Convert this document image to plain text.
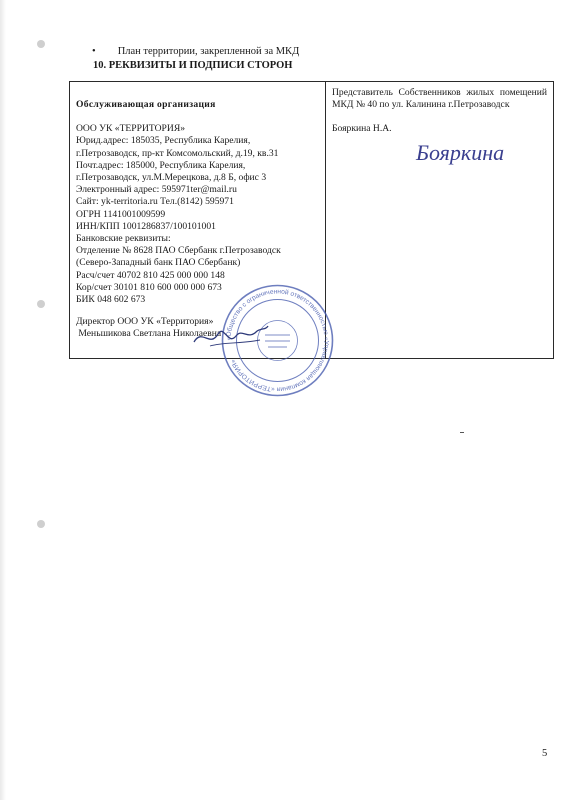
• План территории, закрепленной за МКД
10. РЕКВИЗИТЫ И ПОДПИСИ СТОРОН
Обслуживающая организация
ООО УК «ТЕРРИТОРИЯ»
Юрид.адрес: 185035, Республика Карелия,
г.Петрозаводск, пр-кт Комсомольский, д.19, кв.31
Почт.адрес: 185000, Республика Карелия,
г.Петрозаводск, ул.М.Мерецкова, д.8 Б, офис 3
Электронный адрес: 595971ter@mail.ru
Сайт: yk-territoria.ru Тел.(8142) 595971
ОГРН 1141001009599
ИНН/КПП 1001286837/100101001
Банковские реквизиты:
Отделение № 8628 ПАО Сбербанк г.Петрозаводск
(Северо-Западный банк ПАО Сбербанк)
Расч/счет 40702 810 425 000 000 148
Кор/счет 30101 810 600 000 000 673
БИК 048 602 673
Директор ООО УК «Территория»
Меньшикова Светлана Николаевна
Представитель Собственников жилых помещений МКД № 40 по ул. Калинина г.Петрозаводск
Бояркина Н.А.
«Общество с ограниченной ответственностью «Управляющая компания «ТЕРРИТОРИЯ»
Бояркина
5
